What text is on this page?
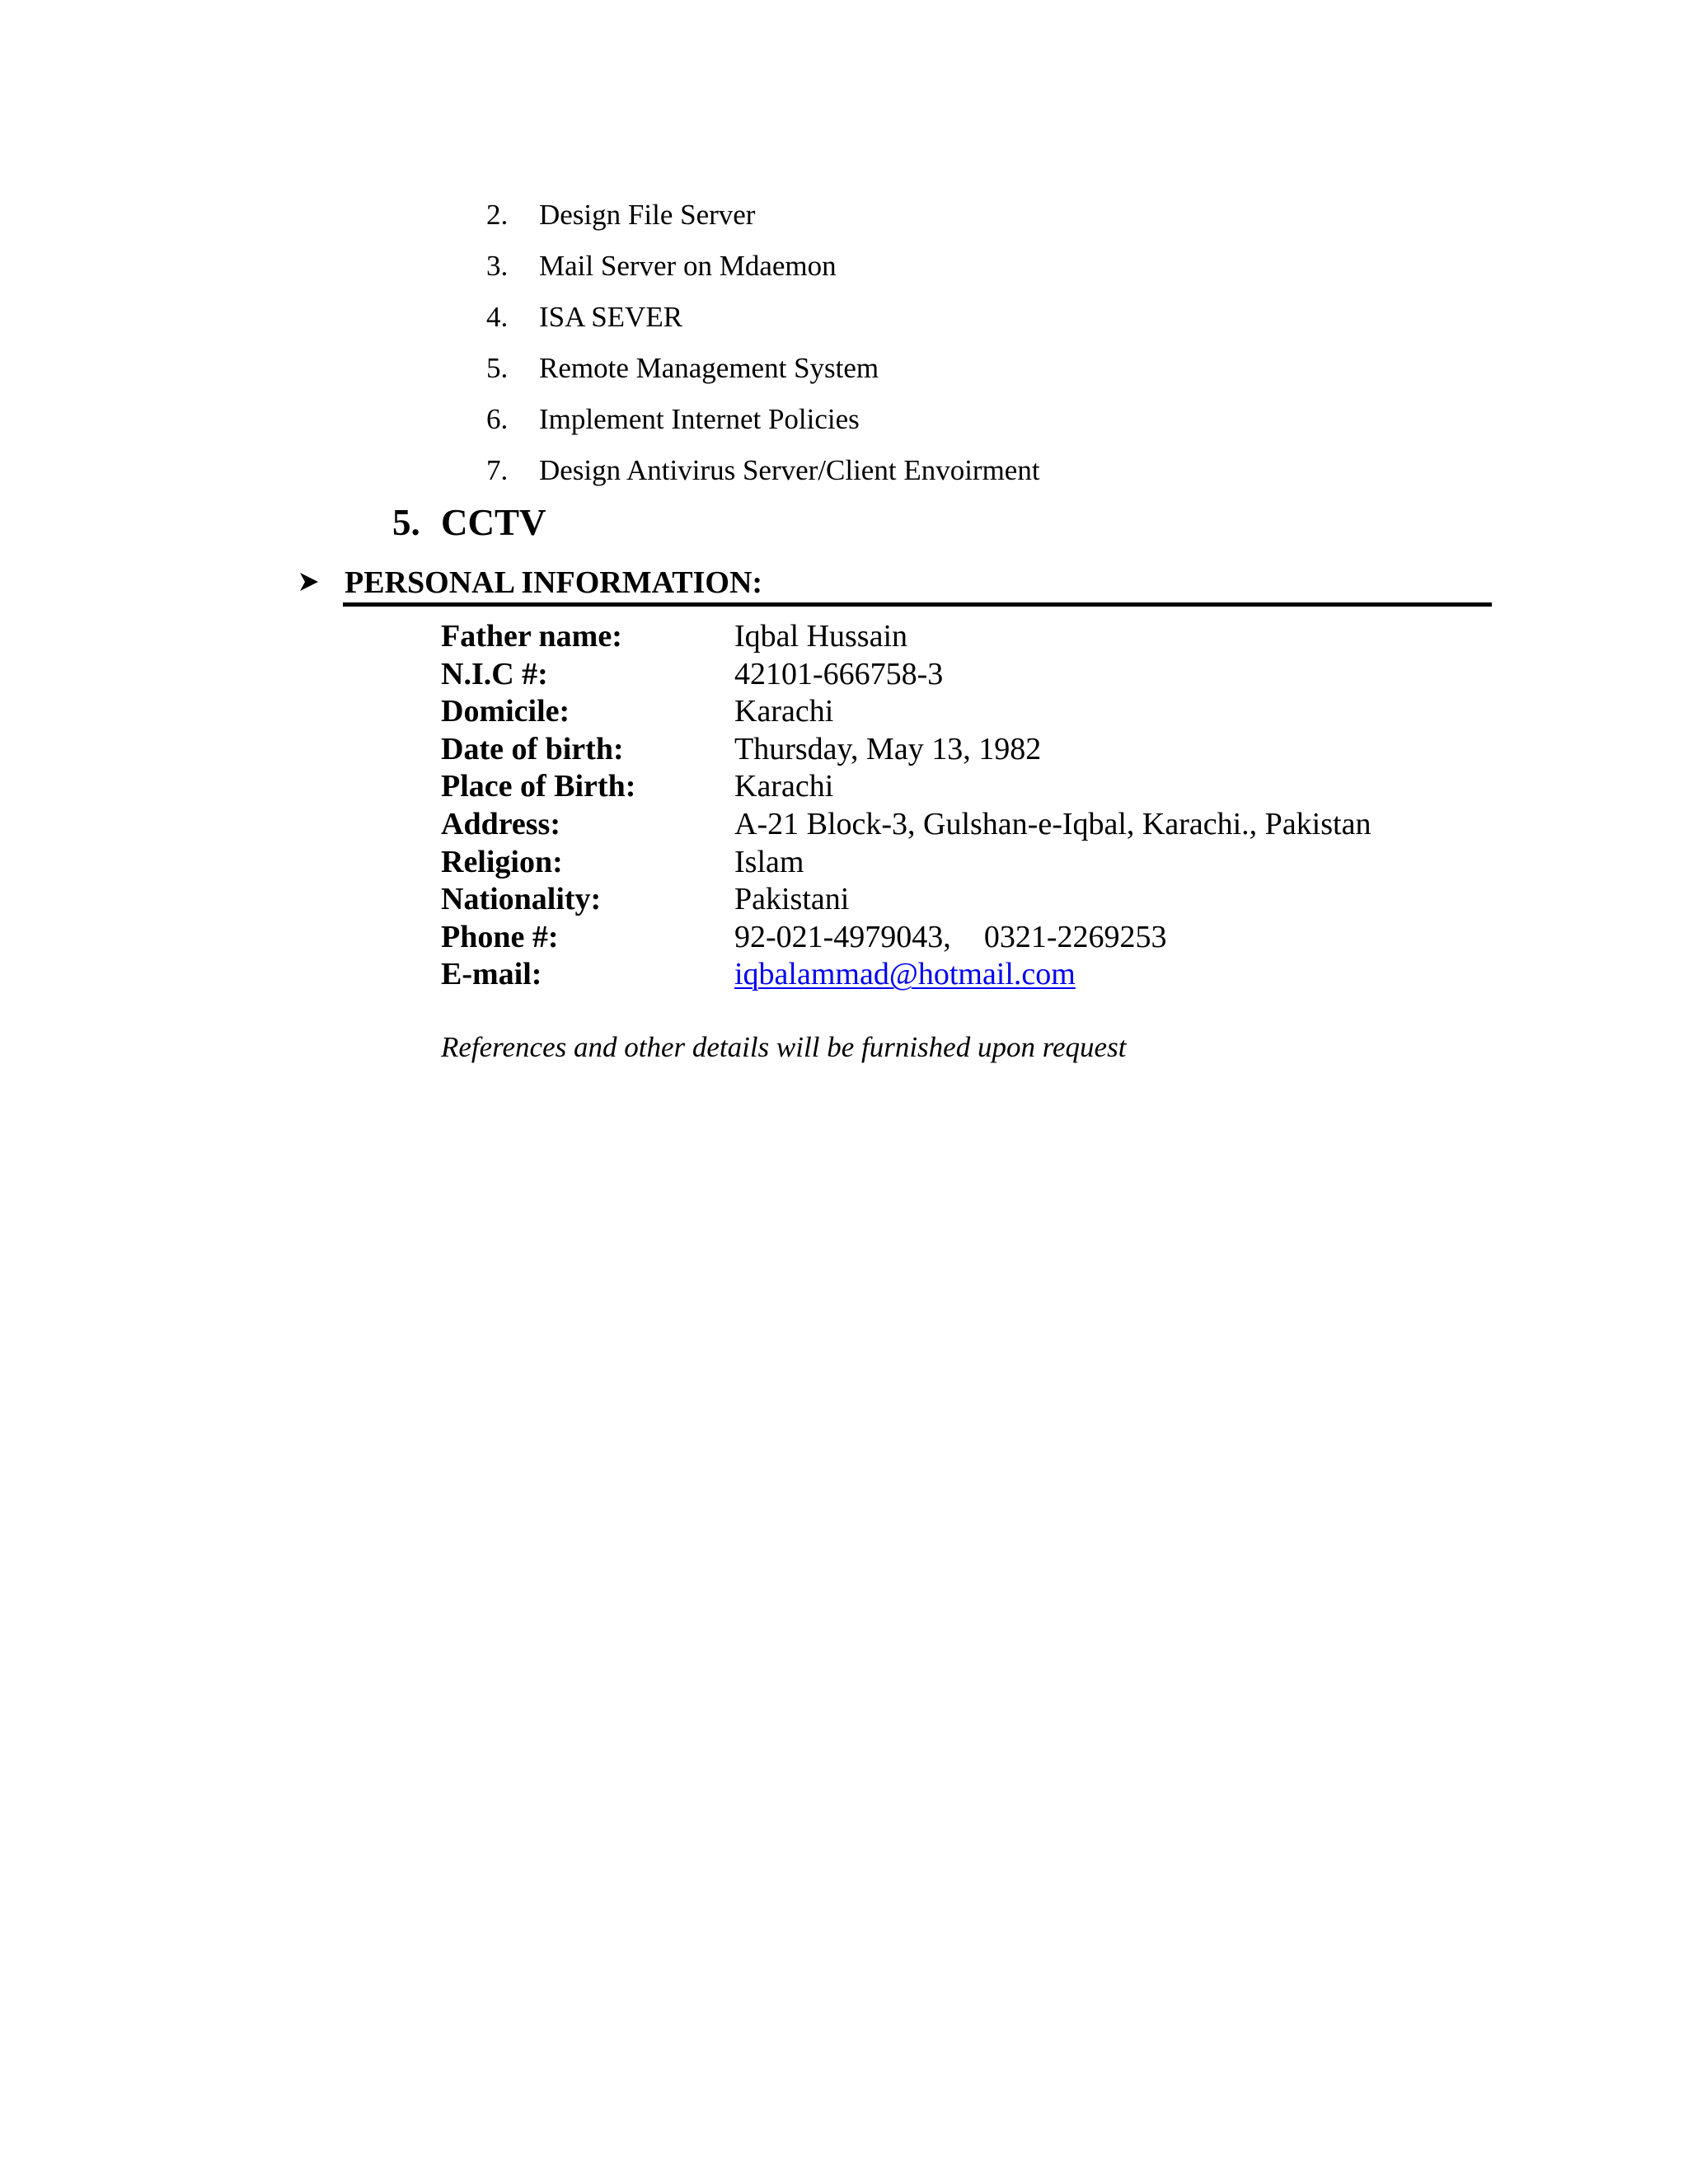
2.	Design File Server
3.	Mail Server on Mdaemon
4.	ISA SEVER
5.	Remote Management System
6.	Implement Internet Policies
7.	Design Antivirus Server/Client Envoirment
5. CCTV
PERSONAL INFORMATION:
Father name:	Iqbal Hussain
N.I.C #:	42101-666758-3
Domicile:	Karachi
Date of birth:	Thursday, May 13, 1982
Place of Birth:	Karachi
Address:	A-21 Block-3, Gulshan-e-Iqbal, Karachi., Pakistan
Religion:	Islam
Nationality:	Pakistani
Phone #:	92-021-4979043, 0321-2269253
E-mail:	iqbalammad@hotmail.com
References and other details will be furnished upon request
